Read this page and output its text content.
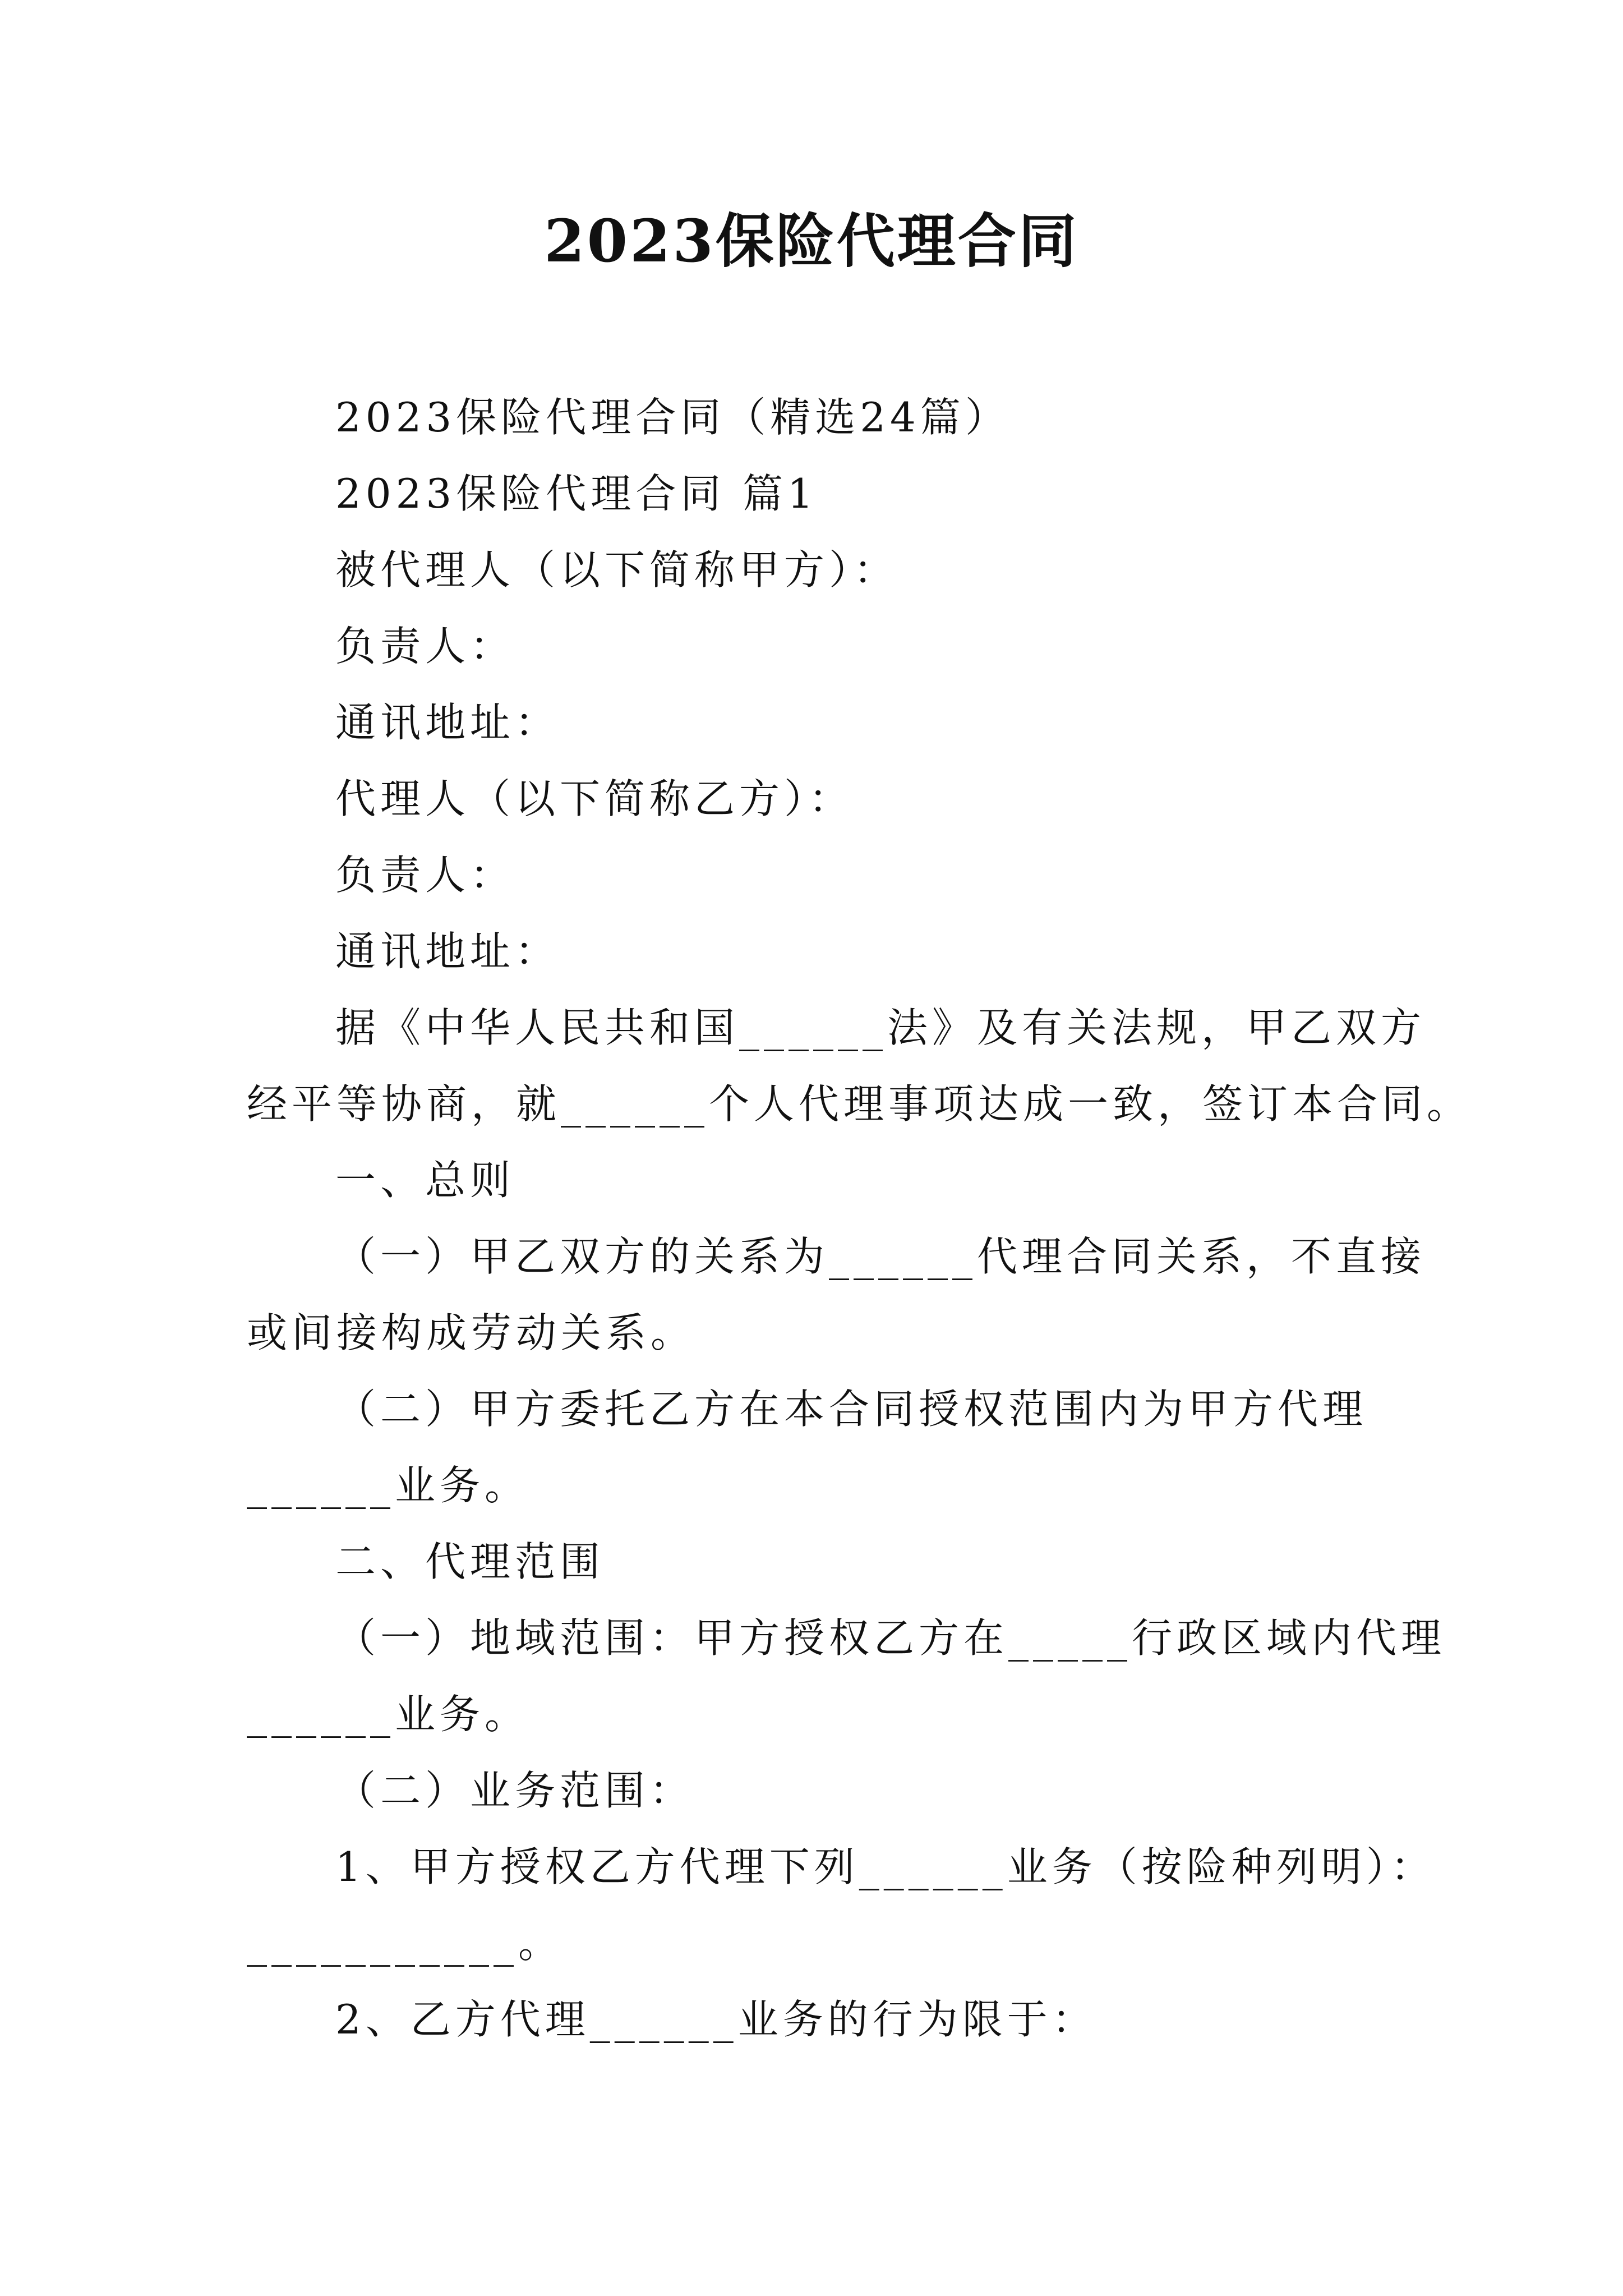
2023保险代理合同

2023保险代理合同（精选24篇）

2023保险代理合同 篇1

被代理人（以下简称甲方）：

负责人：

通讯地址：

代理人（以下简称乙方）：

负责人：

通讯地址：

据《中华人民共和国______法》及有关法规，甲乙双方

经平等协商，就______个人代理事项达成一致，签订本合同。

一、总则

（一）甲乙双方的关系为______代理合同关系，不直接

或间接构成劳动关系。

（二）甲方委托乙方在本合同授权范围内为甲方代理

______业务。

二、代理范围

（一）地域范围：甲方授权乙方在_____行政区域内代理

______业务。

（二）业务范围：

1、甲方授权乙方代理下列______业务（按险种列明）：

___________。

2、乙方代理______业务的行为限于：
